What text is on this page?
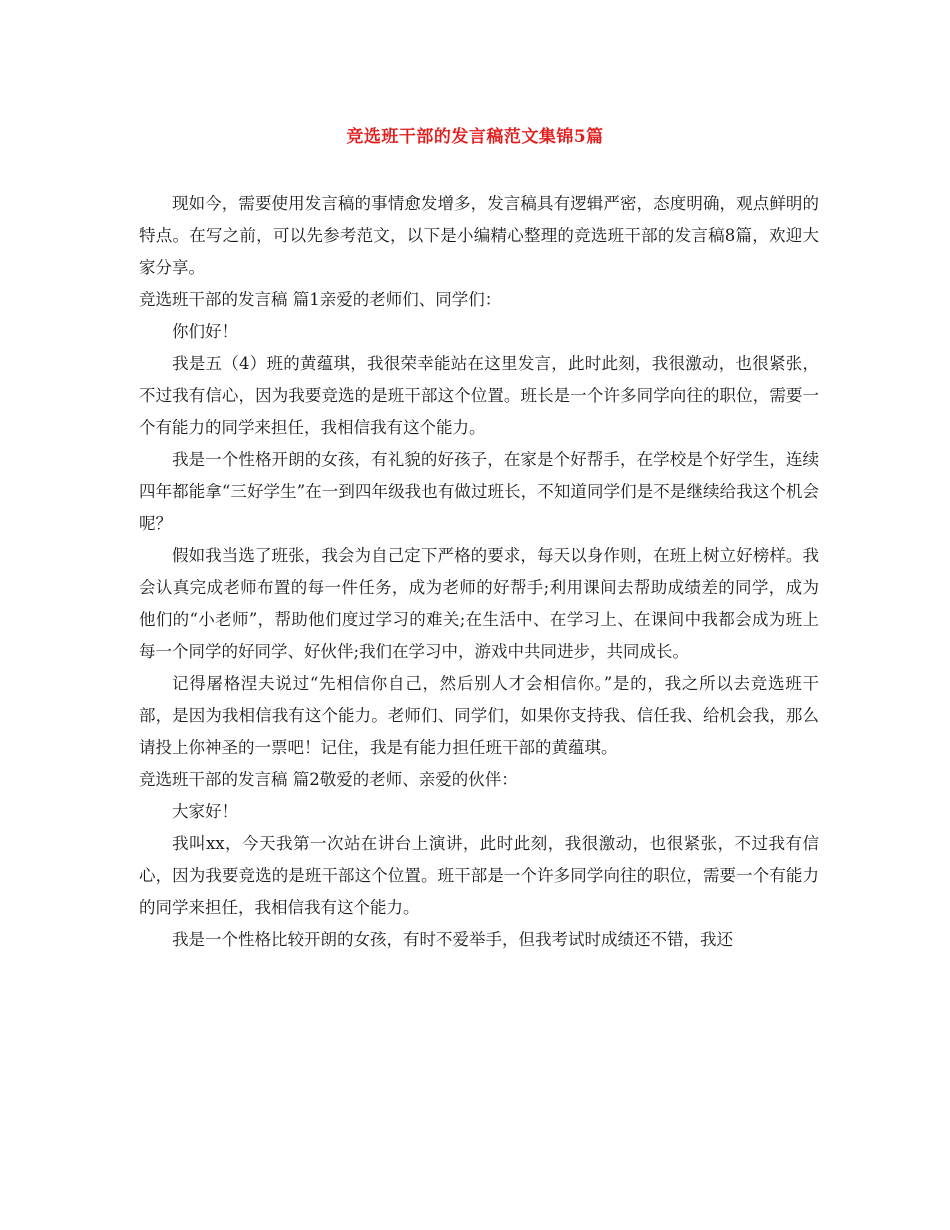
竞选班干部的发言稿范文集锦5篇

现如今，需要使用发言稿的事情愈发增多，发言稿具有逻辑严密，态度明确，观点鲜明的特点。在写之前，可以先参考范文，以下是小编精心整理的竞选班干部的发言稿8篇，欢迎大家分享。

竞选班干部的发言稿 篇1亲爱的老师们、同学们：

你们好！

我是五（4）班的黄蕴琪，我很荣幸能站在这里发言，此时此刻，我很激动，也很紧张，不过我有信心，因为我要竞选的是班干部这个位置。班长是一个许多同学向往的职位，需要一个有能力的同学来担任，我相信我有这个能力。

我是一个性格开朗的女孩，有礼貌的好孩子，在家是个好帮手，在学校是个好学生，连续四年都能拿“三好学生”在一到四年级我也有做过班长，不知道同学们是不是继续给我这个机会呢？

假如我当选了班张，我会为自己定下严格的要求，每天以身作则，在班上树立好榜样。我会认真完成老师布置的每一件任务，成为老师的好帮手;利用课间去帮助成绩差的同学，成为他们的“小老师”，帮助他们度过学习的难关;在生活中、在学习上、在课间中我都会成为班上每一个同学的好同学、好伙伴;我们在学习中，游戏中共同进步，共同成长。

记得屠格涅夫说过“先相信你自己，然后别人才会相信你。”是的，我之所以去竞选班干部，是因为我相信我有这个能力。老师们、同学们，如果你支持我、信任我、给机会我，那么请投上你神圣的一票吧！记住，我是有能力担任班干部的黄蕴琪。

竞选班干部的发言稿 篇2敬爱的老师、亲爱的伙伴：

大家好！

我叫xx，今天我第一次站在讲台上演讲，此时此刻，我很激动，也很紧张，不过我有信心，因为我要竞选的是班干部这个位置。班干部是一个许多同学向往的职位，需要一个有能力的同学来担任，我相信我有这个能力。

我是一个性格比较开朗的女孩，有时不爱举手，但我考试时成绩还不错，我还
